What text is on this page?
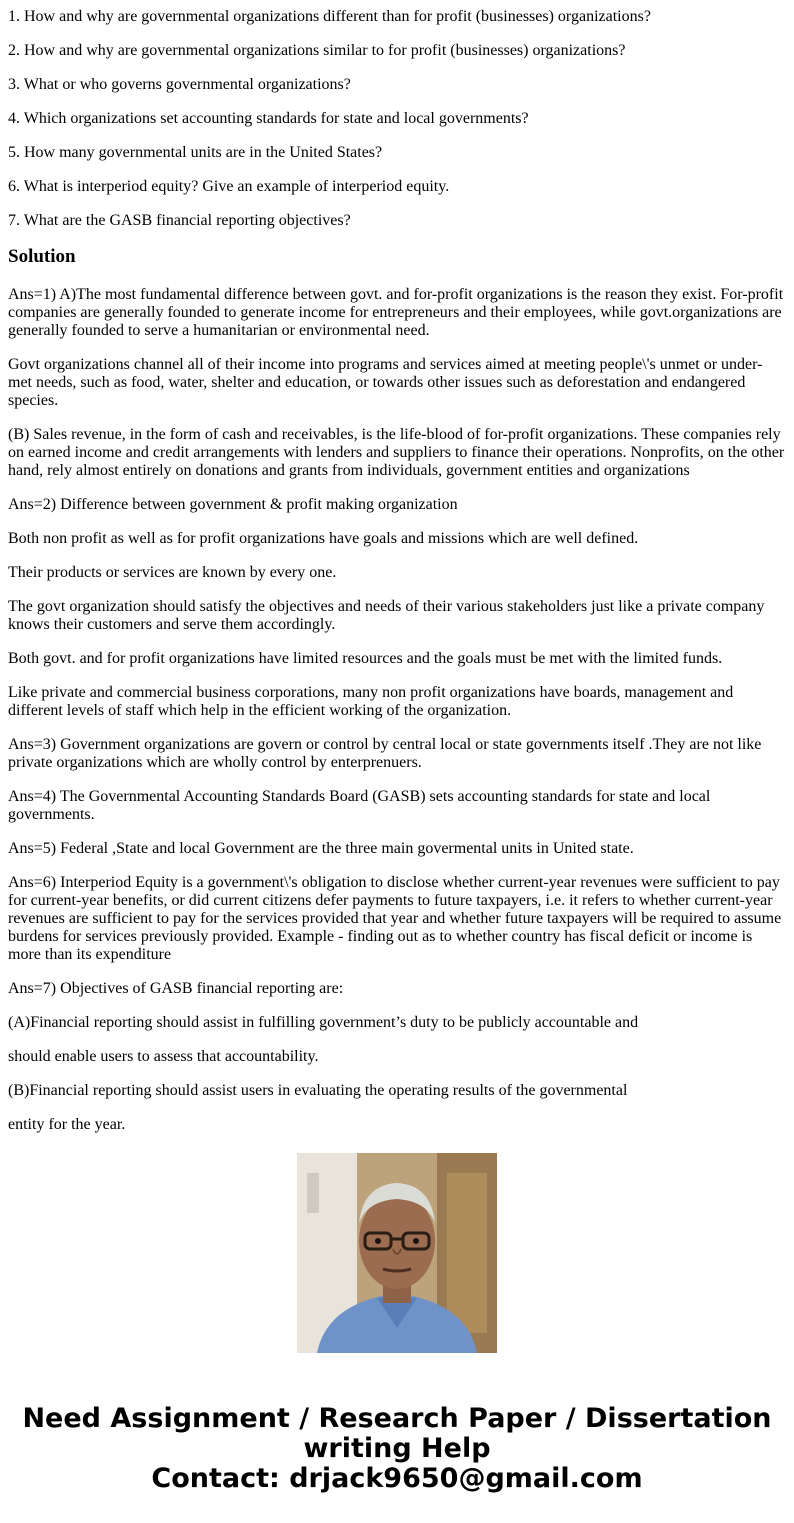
1. How and why are governmental organizations different than for profit (businesses) organizations?

2. How and why are governmental organizations similar to for profit (businesses) organizations?

3. What or who governs governmental organizations?

4. Which organizations set accounting standards for state and local governments?

5. How many governmental units are in the United States?

6. What is interperiod equity? Give an example of interperiod equity.

7. What are the GASB financial reporting objectives?

Solution

Ans=1) A)The most fundamental difference between govt. and for-profit organizations is the reason they exist. For-profit companies are generally founded to generate income for entrepreneurs and their employees, while govt.organizations are generally founded to serve a humanitarian or environmental need.

Govt organizations channel all of their income into programs and services aimed at meeting people\'s unmet or under-met needs, such as food, water, shelter and education, or towards other issues such as deforestation and endangered species.

(B) Sales revenue, in the form of cash and receivables, is the life-blood of for-profit organizations. These companies rely on earned income and credit arrangements with lenders and suppliers to finance their operations. Nonprofits, on the other hand, rely almost entirely on donations and grants from individuals, government entities and organizations

Ans=2) Difference between government & profit making organization

Both non profit as well as for profit organizations have goals and missions which are well defined.

Their products or services are known by every one.

The govt organization should satisfy the objectives and needs of their various stakeholders just like a private company knows their customers and serve them accordingly.

Both govt. and for profit organizations have limited resources and the goals must be met with the limited funds.

Like private and commercial business corporations, many non profit organizations have boards, management and different levels of staff which help in the efficient working of the organization.

Ans=3) Government organizations are govern or control by central local or state governments itself .They are not like private organizations which are wholly control by enterprenuers.

Ans=4) The Governmental Accounting Standards Board (GASB) sets accounting standards for state and local governments.

Ans=5) Federal ,State and local Government are the three main govermental units in United state.

Ans=6) Interperiod Equity is a government\'s obligation to disclose whether current-year revenues were sufficient to pay for current-year benefits, or did current citizens defer payments to future taxpayers, i.e. it refers to whether current-year revenues are sufficient to pay for the services provided that year and whether future taxpayers will be required to assume burdens for services previously provided. Example - finding out as to whether country has fiscal deficit or income is more than its expenditure

Ans=7) Objectives of GASB financial reporting are:

(A)Financial reporting should assist in fulfilling government’s duty to be publicly accountable and

should enable users to assess that accountability.

(B)Financial reporting should assist users in evaluating the operating results of the governmental

entity for the year.

Need Assignment / Research Paper / Dissertation writing Help
Contact: drjack9650@gmail.com
